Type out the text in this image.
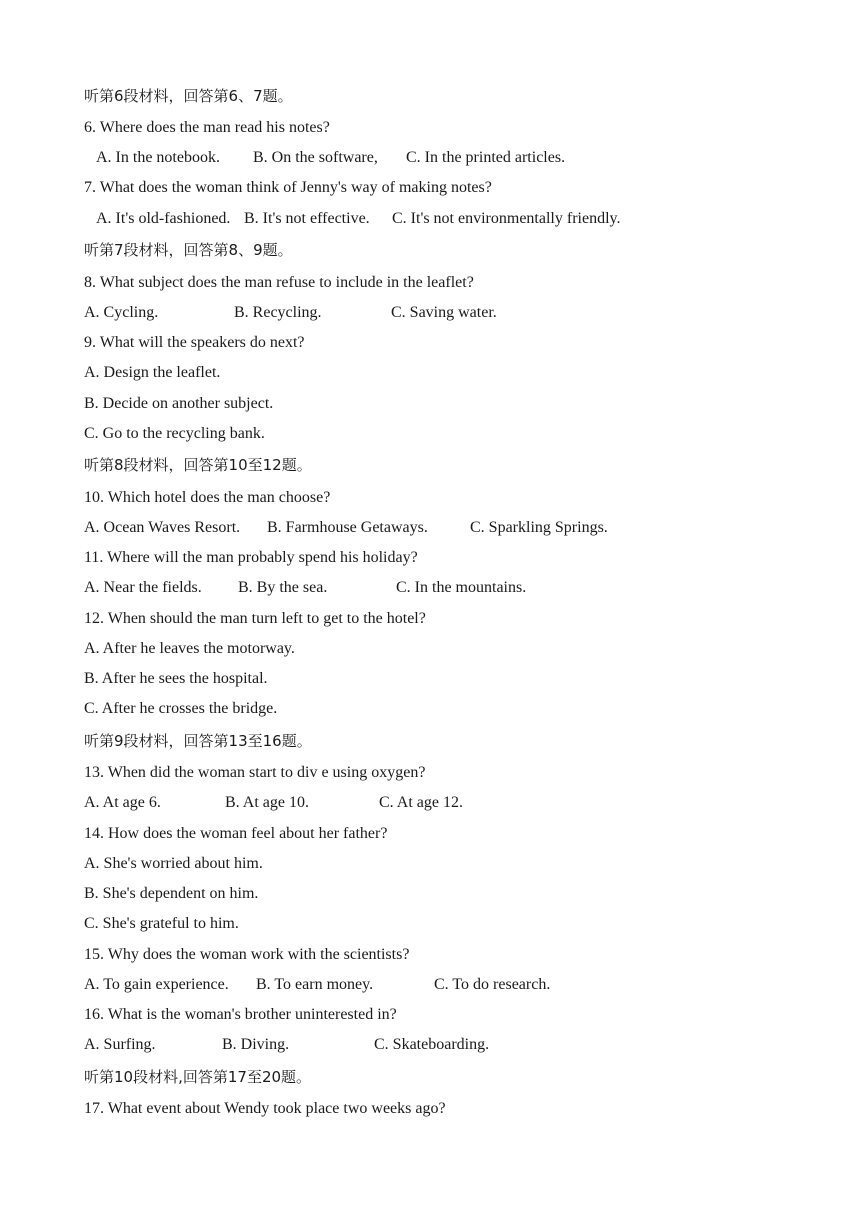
听第6段材料，回答第6、7题。
6. Where does the man read his notes?
A. In the notebook. B. On the software, C. In the printed articles.
7. What does the woman think of Jenny's way of making notes?
A. It's old-fashioned. B. It's not effective. C. It's not environmentally friendly.
听第7段材料，回答第8、9题。
8. What subject does the man refuse to include in the leaflet?
A. Cycling.	B. Recycling.	C. Saving water.
9. What will the speakers do next?
A. Design the leaflet.
B. Decide on another subject.
C. Go to the recycling bank.
听第8段材料，回答第10至12题。
10. Which hotel does the man choose?
A. Ocean Waves Resort. B. Farmhouse Getaways.	C. Sparkling Springs.
11. Where will the man probably spend his holiday?
A. Near the fields. B. By the sea.	C. In the mountains.
12. When should the man turn left to get to the hotel?
A. After he leaves the motorway.
B. After he sees the hospital.
C. After he crosses the bridge.
听第9段材料，回答第13至16题。
13. When did the woman start to div e using oxygen?
A. At age 6.	B. At age 10.	C. At age 12.
14. How does the woman feel about her father?
A. She's worried about him.
B. She's dependent on him.
C. She's grateful to him.
15. Why does the woman work with the scientists?
A. To gain experience. B. To earn money.	C. To do research.
16. What is the woman's brother uninterested in?
A. Surfing.	B. Diving.	C. Skateboarding.
听第10段材料,回答第17至20题。
17. What event about Wendy took place two weeks ago?
